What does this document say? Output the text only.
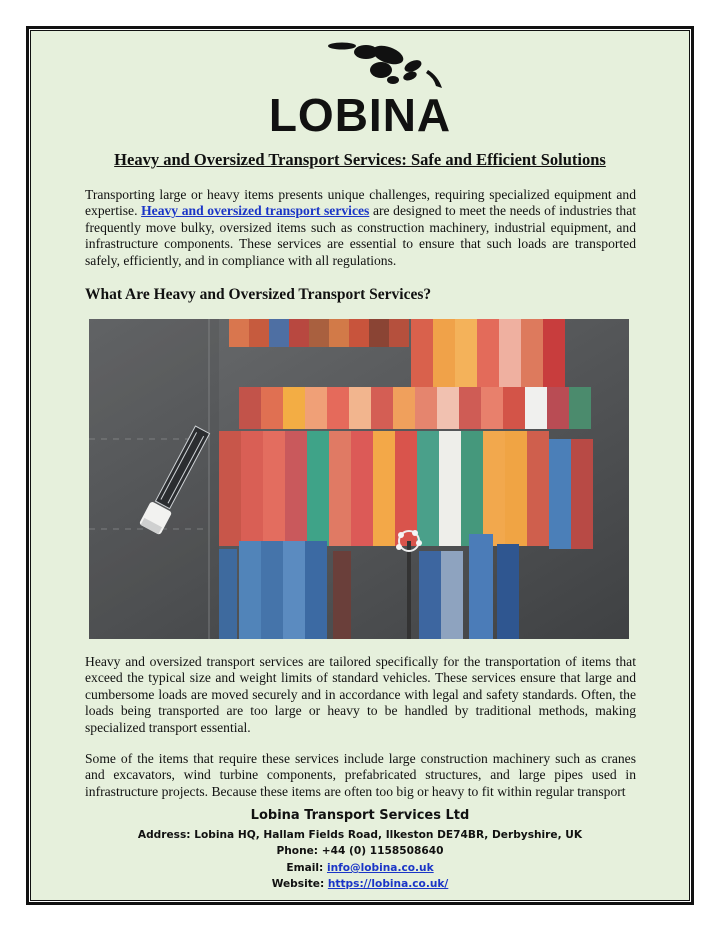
LOBINA
Heavy and Oversized Transport Services: Safe and Efficient Solutions

Transporting large or heavy items presents unique challenges, requiring specialized equipment and expertise. Heavy and oversized transport services are designed to meet the needs of industries that frequently move bulky, oversized items such as construction machinery, industrial equipment, and infrastructure components. These services are essential to ensure that such loads are transported safely, efficiently, and in compliance with all regulations.

What Are Heavy and Oversized Transport Services?

Heavy and oversized transport services are tailored specifically for the transportation of items that exceed the typical size and weight limits of standard vehicles. These services ensure that large and cumbersome loads are moved securely and in accordance with legal and safety standards. Often, the loads being transported are too large or heavy to be handled by traditional methods, making specialized transport essential.

Some of the items that require these services include large construction machinery such as cranes and excavators, wind turbine components, prefabricated structures, and large pipes used in infrastructure projects. Because these items are often too big or heavy to fit within regular transport

Lobina Transport Services Ltd
Address: Lobina HQ, Hallam Fields Road, Ilkeston DE74BR, Derbyshire, UK
Phone: +44 (0) 1158508640
Email: info@lobina.co.uk
Website: https://lobina.co.uk/
